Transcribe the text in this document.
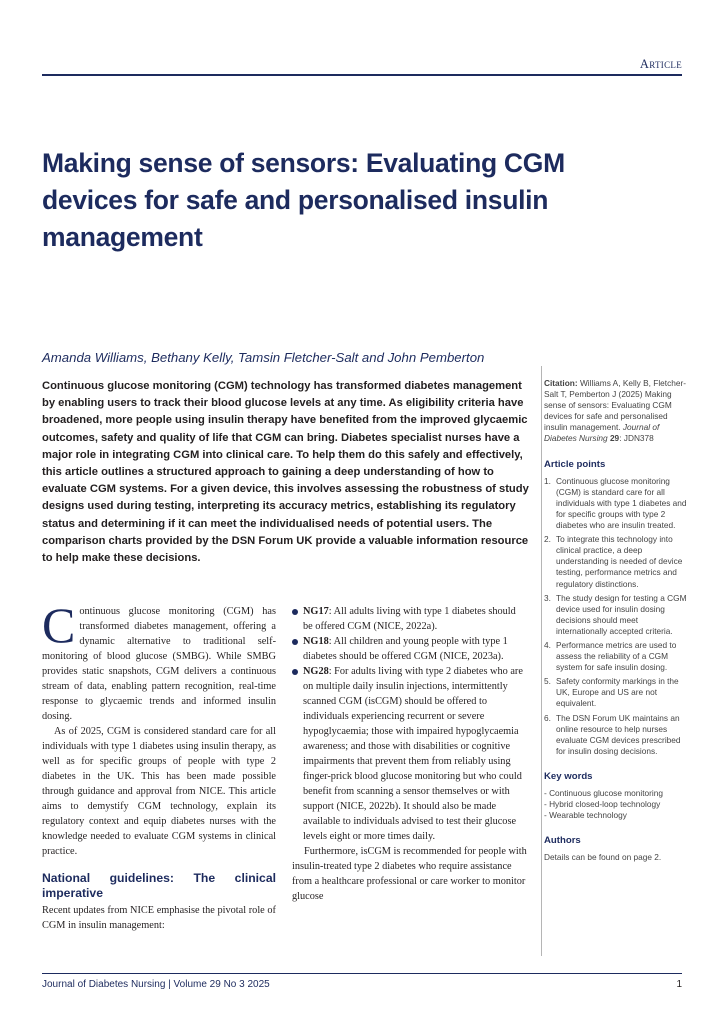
Article
Making sense of sensors: Evaluating CGM devices for safe and personalised insulin management
Amanda Williams, Bethany Kelly, Tamsin Fletcher-Salt and John Pemberton

Continuous glucose monitoring (CGM) technology has transformed diabetes management by enabling users to track their blood glucose levels at any time. As eligibility criteria have broadened, more people using insulin therapy have benefited from the improved glycaemic outcomes, safety and quality of life that CGM can bring. Diabetes specialist nurses have a major role in integrating CGM into clinical care. To help them do this safely and effectively, this article outlines a structured approach to gaining a deep understanding of how to evaluate CGM systems. For a given device, this involves assessing the robustness of study designs used during testing, interpreting its accuracy metrics, establishing its regulatory status and determining if it can meet the individualised needs of potential users. The comparison charts provided by the DSN Forum UK provide a valuable information resource to help make these decisions.

Continuous glucose monitoring (CGM) has transformed diabetes management, offering a dynamic alternative to traditional self-monitoring of blood glucose (SMBG). While SMBG provides static snapshots, CGM delivers a continuous stream of data, enabling pattern recognition, real-time response to glycaemic trends and informed insulin dosing.

As of 2025, CGM is considered standard care for all individuals with type 1 diabetes using insulin therapy, as well as for specific groups of people with type 2 diabetes in the UK. This has been made possible through guidance and approval from NICE. This article aims to demystify CGM technology, explain its regulatory context and equip diabetes nurses with the knowledge needed to evaluate CGM systems in clinical practice.

National guidelines: The clinical imperative

Recent updates from NICE emphasise the pivotal role of CGM in insulin management:

NG17: All adults living with type 1 diabetes should be offered CGM (NICE, 2022a).
NG18: All children and young people with type 1 diabetes should be offered CGM (NICE, 2023a).
NG28: For adults living with type 2 diabetes who are on multiple daily insulin injections, intermittently scanned CGM (isCGM) should be offered to individuals experiencing recurrent or severe hypoglycaemia; those with impaired hypoglycaemia awareness; and those with disabilities or cognitive impairments that prevent them from reliably using finger-prick blood glucose monitoring but who could benefit from scanning a sensor themselves or with support (NICE, 2022b). It should also be made available to individuals advised to test their glucose levels eight or more times daily.

Furthermore, isCGM is recommended for people with insulin-treated type 2 diabetes who require assistance from a healthcare professional or care worker to monitor glucose

Citation: Williams A, Kelly B, Fletcher-Salt T, Pemberton J (2025) Making sense of sensors: Evaluating CGM devices for safe and personalised insulin management. Journal of Diabetes Nursing 29: JDN378

Article points
1. Continuous glucose monitoring (CGM) is standard care for all individuals with type 1 diabetes and for specific groups with type 2 diabetes who are insulin treated.
2. To integrate this technology into clinical practice, a deep understanding is needed of device testing, performance metrics and regulatory distinctions.
3. The study design for testing a CGM device used for insulin dosing decisions should meet internationally accepted criteria.
4. Performance metrics are used to assess the reliability of a CGM system for safe insulin dosing.
5. Safety conformity markings in the UK, Europe and US are not equivalent.
6. The DSN Forum UK maintains an online resource to help nurses evaluate CGM devices prescribed for insulin dosing decisions.
Key words
- Continuous glucose monitoring
- Hybrid closed-loop technology
- Wearable technology
Authors
Details can be found on page 2.
Journal of Diabetes Nursing | Volume 29 No 3 2025	1
